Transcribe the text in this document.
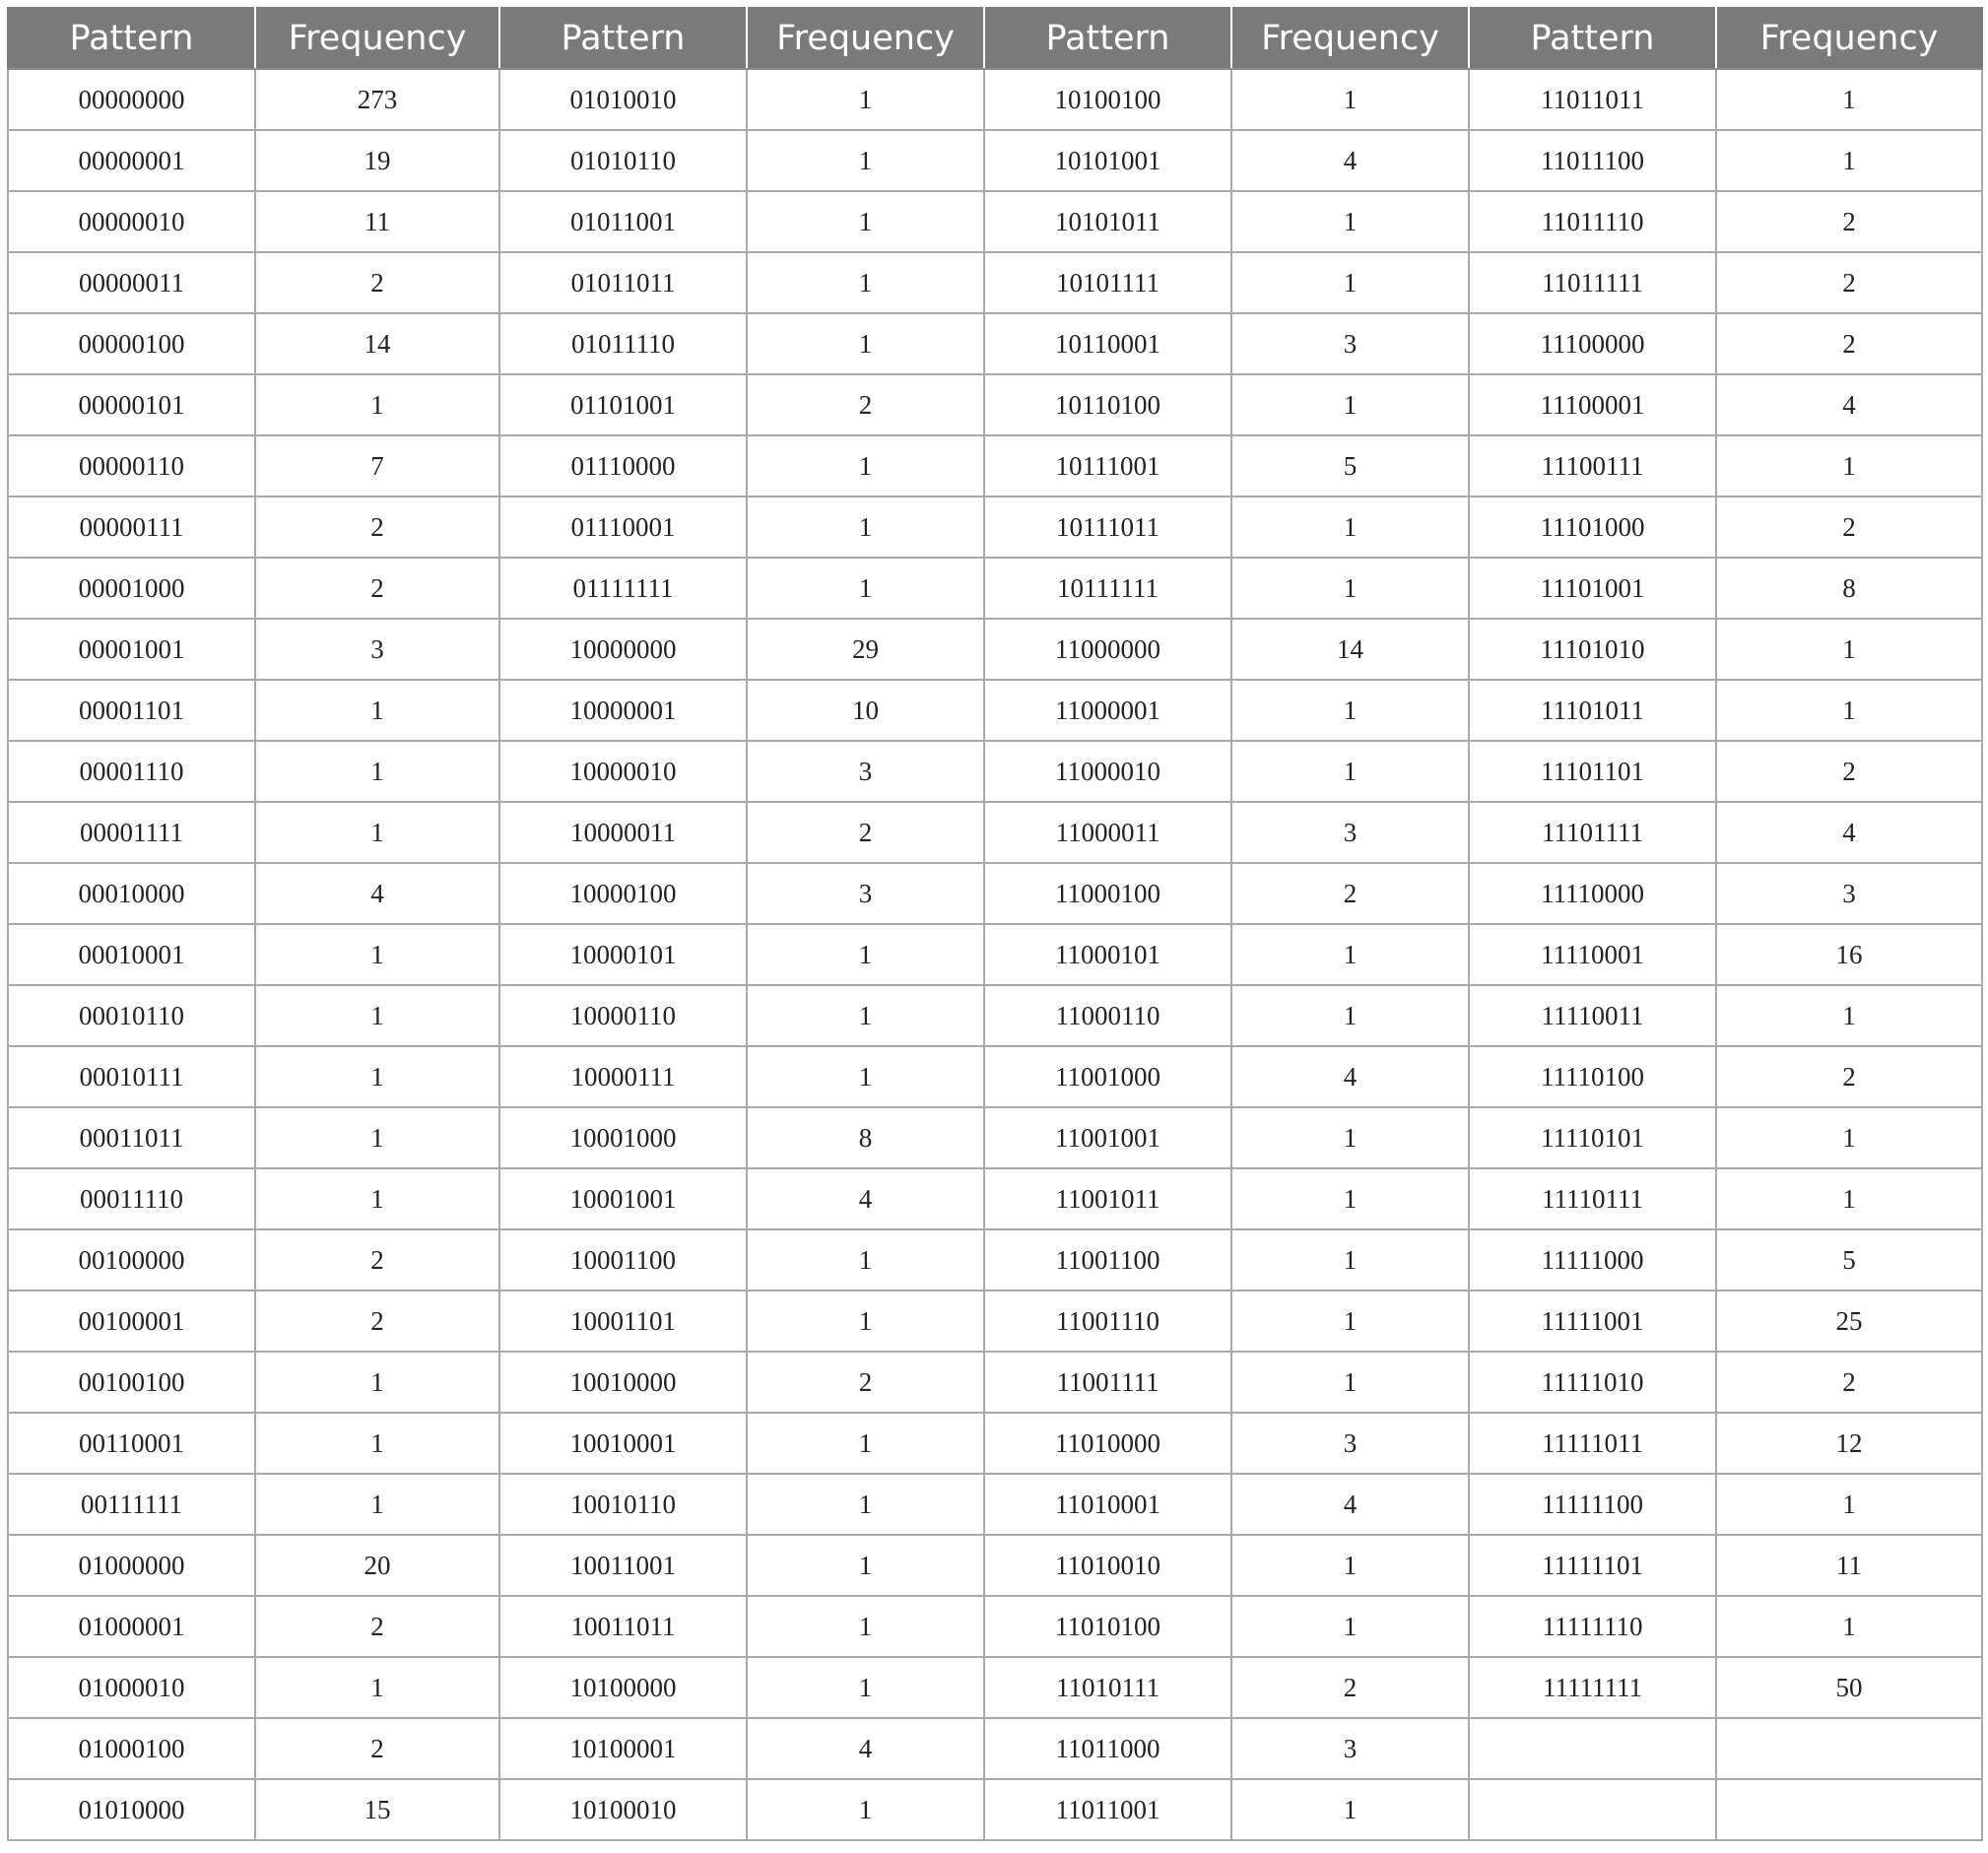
Pattern	Frequency	Pattern	Frequency	Pattern	Frequency	Pattern	Frequency
00000000	273	01010010	1	10100100	1	11011011	1
00000001	19	01010110	1	10101001	4	11011100	1
00000010	11	01011001	1	10101011	1	11011110	2
00000011	2	01011011	1	10101111	1	11011111	2
00000100	14	01011110	1	10110001	3	11100000	2
00000101	1	01101001	2	10110100	1	11100001	4
00000110	7	01110000	1	10111001	5	11100111	1
00000111	2	01110001	1	10111011	1	11101000	2
00001000	2	01111111	1	10111111	1	11101001	8
00001001	3	10000000	29	11000000	14	11101010	1
00001101	1	10000001	10	11000001	1	11101011	1
00001110	1	10000010	3	11000010	1	11101101	2
00001111	1	10000011	2	11000011	3	11101111	4
00010000	4	10000100	3	11000100	2	11110000	3
00010001	1	10000101	1	11000101	1	11110001	16
00010110	1	10000110	1	11000110	1	11110011	1
00010111	1	10000111	1	11001000	4	11110100	2
00011011	1	10001000	8	11001001	1	11110101	1
00011110	1	10001001	4	11001011	1	11110111	1
00100000	2	10001100	1	11001100	1	11111000	5
00100001	2	10001101	1	11001110	1	11111001	25
00100100	1	10010000	2	11001111	1	11111010	2
00110001	1	10010001	1	11010000	3	11111011	12
00111111	1	10010110	1	11010001	4	11111100	1
01000000	20	10011001	1	11010010	1	11111101	11
01000001	2	10011011	1	11010100	1	11111110	1
01000010	1	10100000	1	11010111	2	11111111	50
01000100	2	10100001	4	11011000	3		
01010000	15	10100010	1	11011001	1		
